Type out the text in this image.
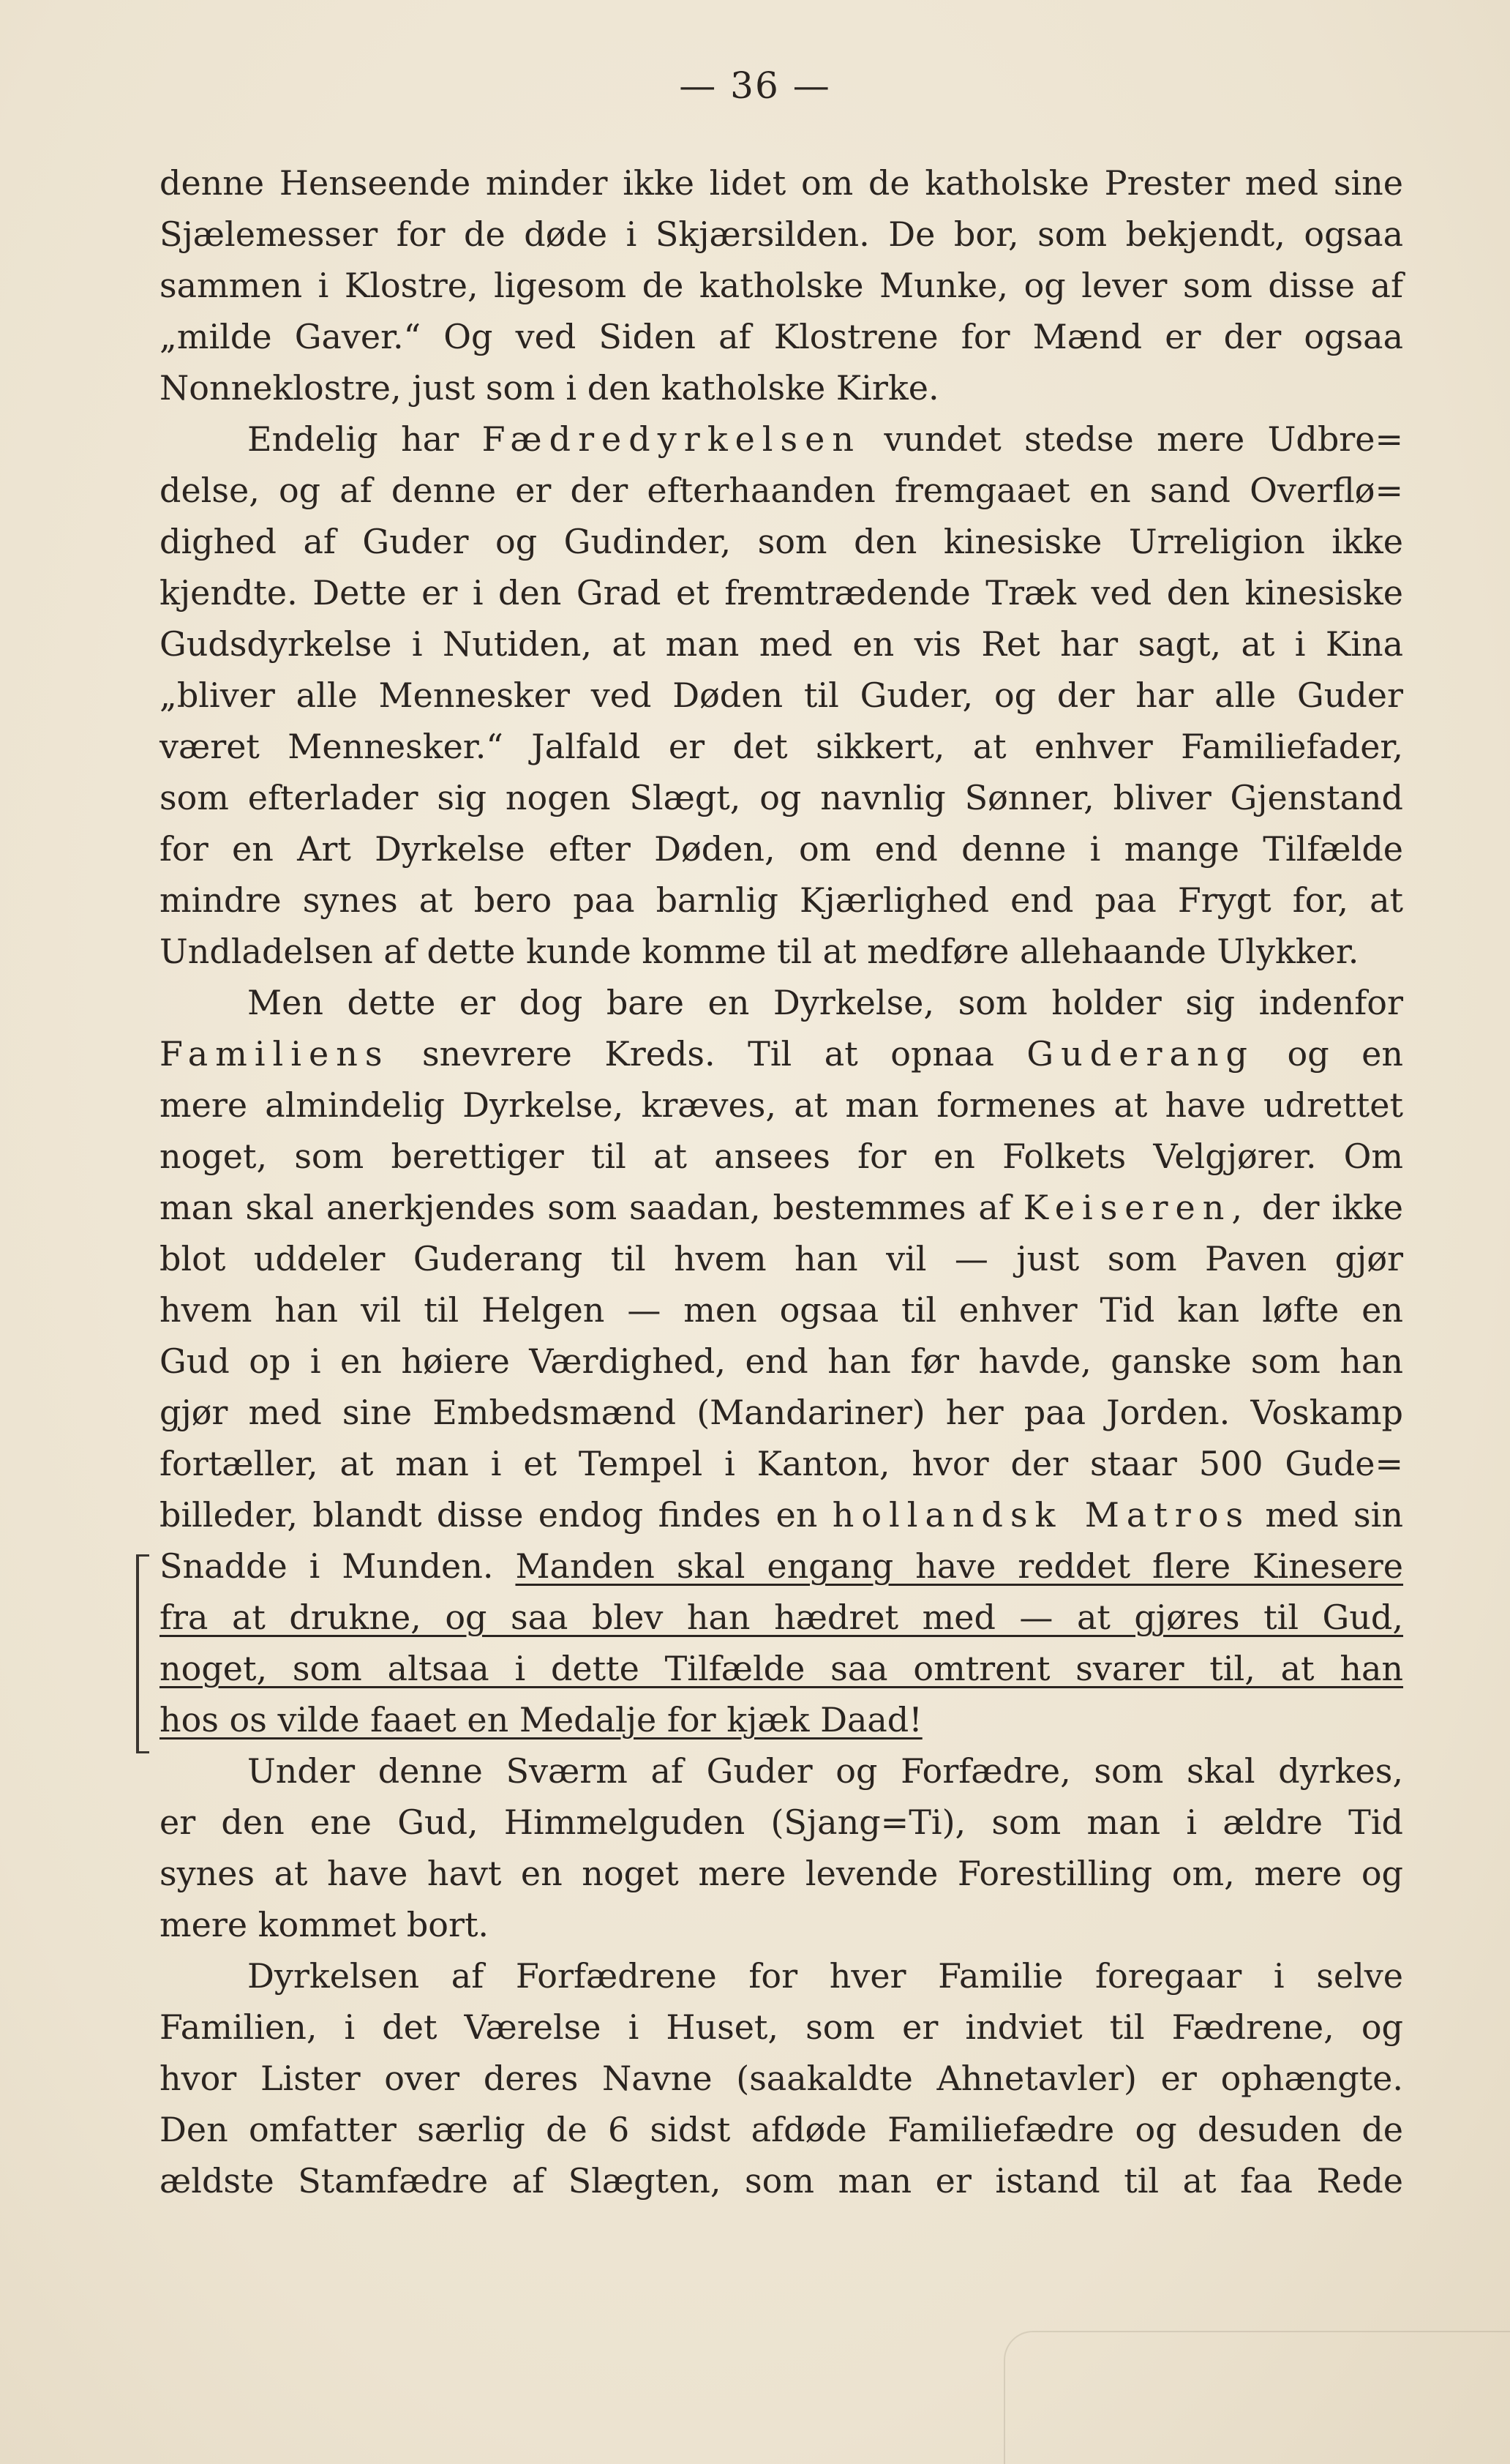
— 36 —
denne Henseende minder ikke lidet om de katholske Prester med sine
Sjælemesser for de døde i Skjærsilden. De bor, som bekjendt, ogsaa
sammen i Klostre, ligesom de katholske Munke, og lever som disse af
„milde Gaver.“ Og ved Siden af Klostrene for Mænd er der ogsaa
Nonneklostre, just som i den katholske Kirke.
Endelig har Fædredyrkelsen vundet stedse mere Udbre=
delse, og af denne er der efterhaanden fremgaaet en sand Overflø=
dighed af Guder og Gudinder, som den kinesiske Urreligion ikke
kjendte. Dette er i den Grad et fremtrædende Træk ved den kinesiske
Gudsdyrkelse i Nutiden, at man med en vis Ret har sagt, at i Kina
„bliver alle Mennesker ved Døden til Guder, og der har alle Guder
været Mennesker.“ Jalfald er det sikkert, at enhver Familiefader,
som efterlader sig nogen Slægt, og navnlig Sønner, bliver Gjenstand
for en Art Dyrkelse efter Døden, om end denne i mange Tilfælde
mindre synes at bero paa barnlig Kjærlighed end paa Frygt for, at
Undladelsen af dette kunde komme til at medføre allehaande Ulykker.
Men dette er dog bare en Dyrkelse, som holder sig indenfor
Familiens snevrere Kreds. Til at opnaa Guderang og en
mere almindelig Dyrkelse, kræves, at man formenes at have udrettet
noget, som berettiger til at ansees for en Folkets Velgjører. Om
man skal anerkjendes som saadan, bestemmes af Keiseren, der ikke
blot uddeler Guderang til hvem han vil — just som Paven gjør
hvem han vil til Helgen — men ogsaa til enhver Tid kan løfte en
Gud op i en høiere Værdighed, end han før havde, ganske som han
gjør med sine Embedsmænd (Mandariner) her paa Jorden. Voskamp
fortæller, at man i et Tempel i Kanton, hvor der staar 500 Gude=
billeder, blandt disse endog findes en hollandsk Matros med sin
Snadde i Munden. Manden skal engang have reddet flere Kinesere
fra at drukne, og saa blev han hædret med — at gjøres til Gud,
noget, som altsaa i dette Tilfælde saa omtrent svarer til, at han
hos os vilde faaet en Medalje for kjæk Daad!
Under denne Sværm af Guder og Forfædre, som skal dyrkes,
er den ene Gud, Himmelguden (Sjang=Ti), som man i ældre Tid
synes at have havt en noget mere levende Forestilling om, mere og
mere kommet bort.
Dyrkelsen af Forfædrene for hver Familie foregaar i selve
Familien, i det Værelse i Huset, som er indviet til Fædrene, og
hvor Lister over deres Navne (saakaldte Ahnetavler) er ophængte.
Den omfatter særlig de 6 sidst afdøde Familiefædre og desuden de
ældste Stamfædre af Slægten, som man er istand til at faa Rede
